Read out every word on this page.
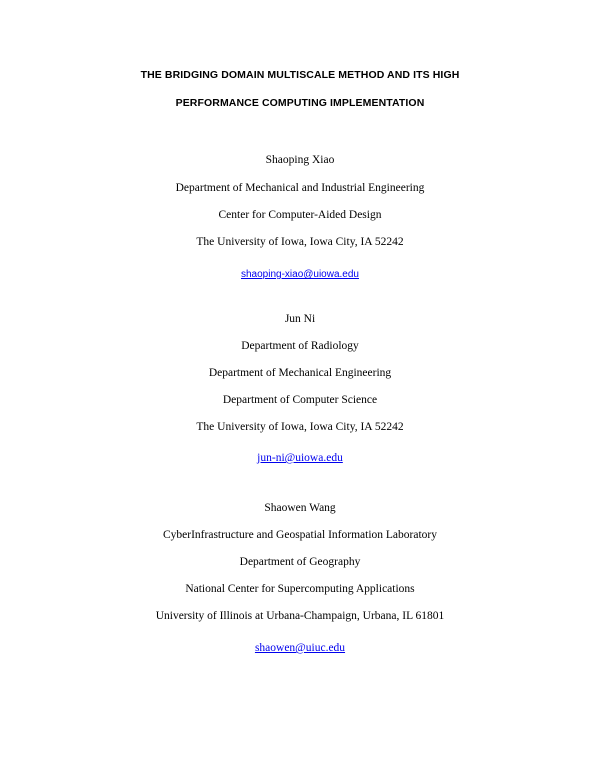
THE BRIDGING DOMAIN MULTISCALE METHOD AND ITS HIGH
PERFORMANCE COMPUTING IMPLEMENTATION
Shaoping Xiao
Department of Mechanical and Industrial Engineering
Center for Computer-Aided Design
The University of Iowa, Iowa City, IA 52242
shaoping-xiao@uiowa.edu
Jun Ni
Department of Radiology
Department of Mechanical Engineering
Department of Computer Science
The University of Iowa, Iowa City, IA 52242
jun-ni@uiowa.edu
Shaowen Wang
CyberInfrastructure and Geospatial Information Laboratory
Department of Geography
National Center for Supercomputing Applications
University of Illinois at Urbana-Champaign, Urbana, IL 61801
shaowen@uiuc.edu
